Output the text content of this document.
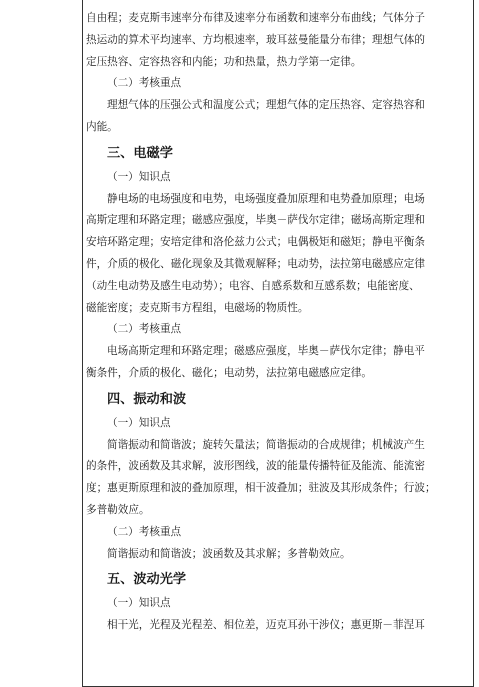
自由程；麦克斯韦速率分布律及速率分布函数和速率分布曲线；气体分子
热运动的算术平均速率、方均根速率，玻耳兹曼能量分布律；理想气体的
定压热容、定容热容和内能；功和热量，热力学第一定律。
（二）考核重点
理想气体的压强公式和温度公式；理想气体的定压热容、定容热容和
内能。
三、电磁学
（一）知识点
静电场的电场强度和电势，电场强度叠加原理和电势叠加原理；电场
高斯定理和环路定理；磁感应强度，毕奥－萨伐尔定律；磁场高斯定理和
安培环路定理；安培定律和洛伦兹力公式；电偶极矩和磁矩；静电平衡条
件，介质的极化、磁化现象及其微观解释；电动势，法拉第电磁感应定律
（动生电动势及感生电动势）；电容、自感系数和互感系数；电能密度、
磁能密度；麦克斯韦方程组，电磁场的物质性。
（二）考核重点
电场高斯定理和环路定理；磁感应强度，毕奥－萨伐尔定律；静电平
衡条件，介质的极化、磁化；电动势，法拉第电磁感应定律。
四、振动和波
（一）知识点
简谐振动和简谐波；旋转矢量法；简谐振动的合成规律；机械波产生
的条件，波函数及其求解，波形图线，波的能量传播特征及能流、能流密
度；惠更斯原理和波的叠加原理，相干波叠加；驻波及其形成条件；行波；
多普勒效应。
（二）考核重点
简谐振动和简谐波；波函数及其求解；多普勒效应。
五、波动光学
（一）知识点
相干光，光程及光程差、相位差，迈克耳孙干涉仪；惠更斯－菲涅耳
